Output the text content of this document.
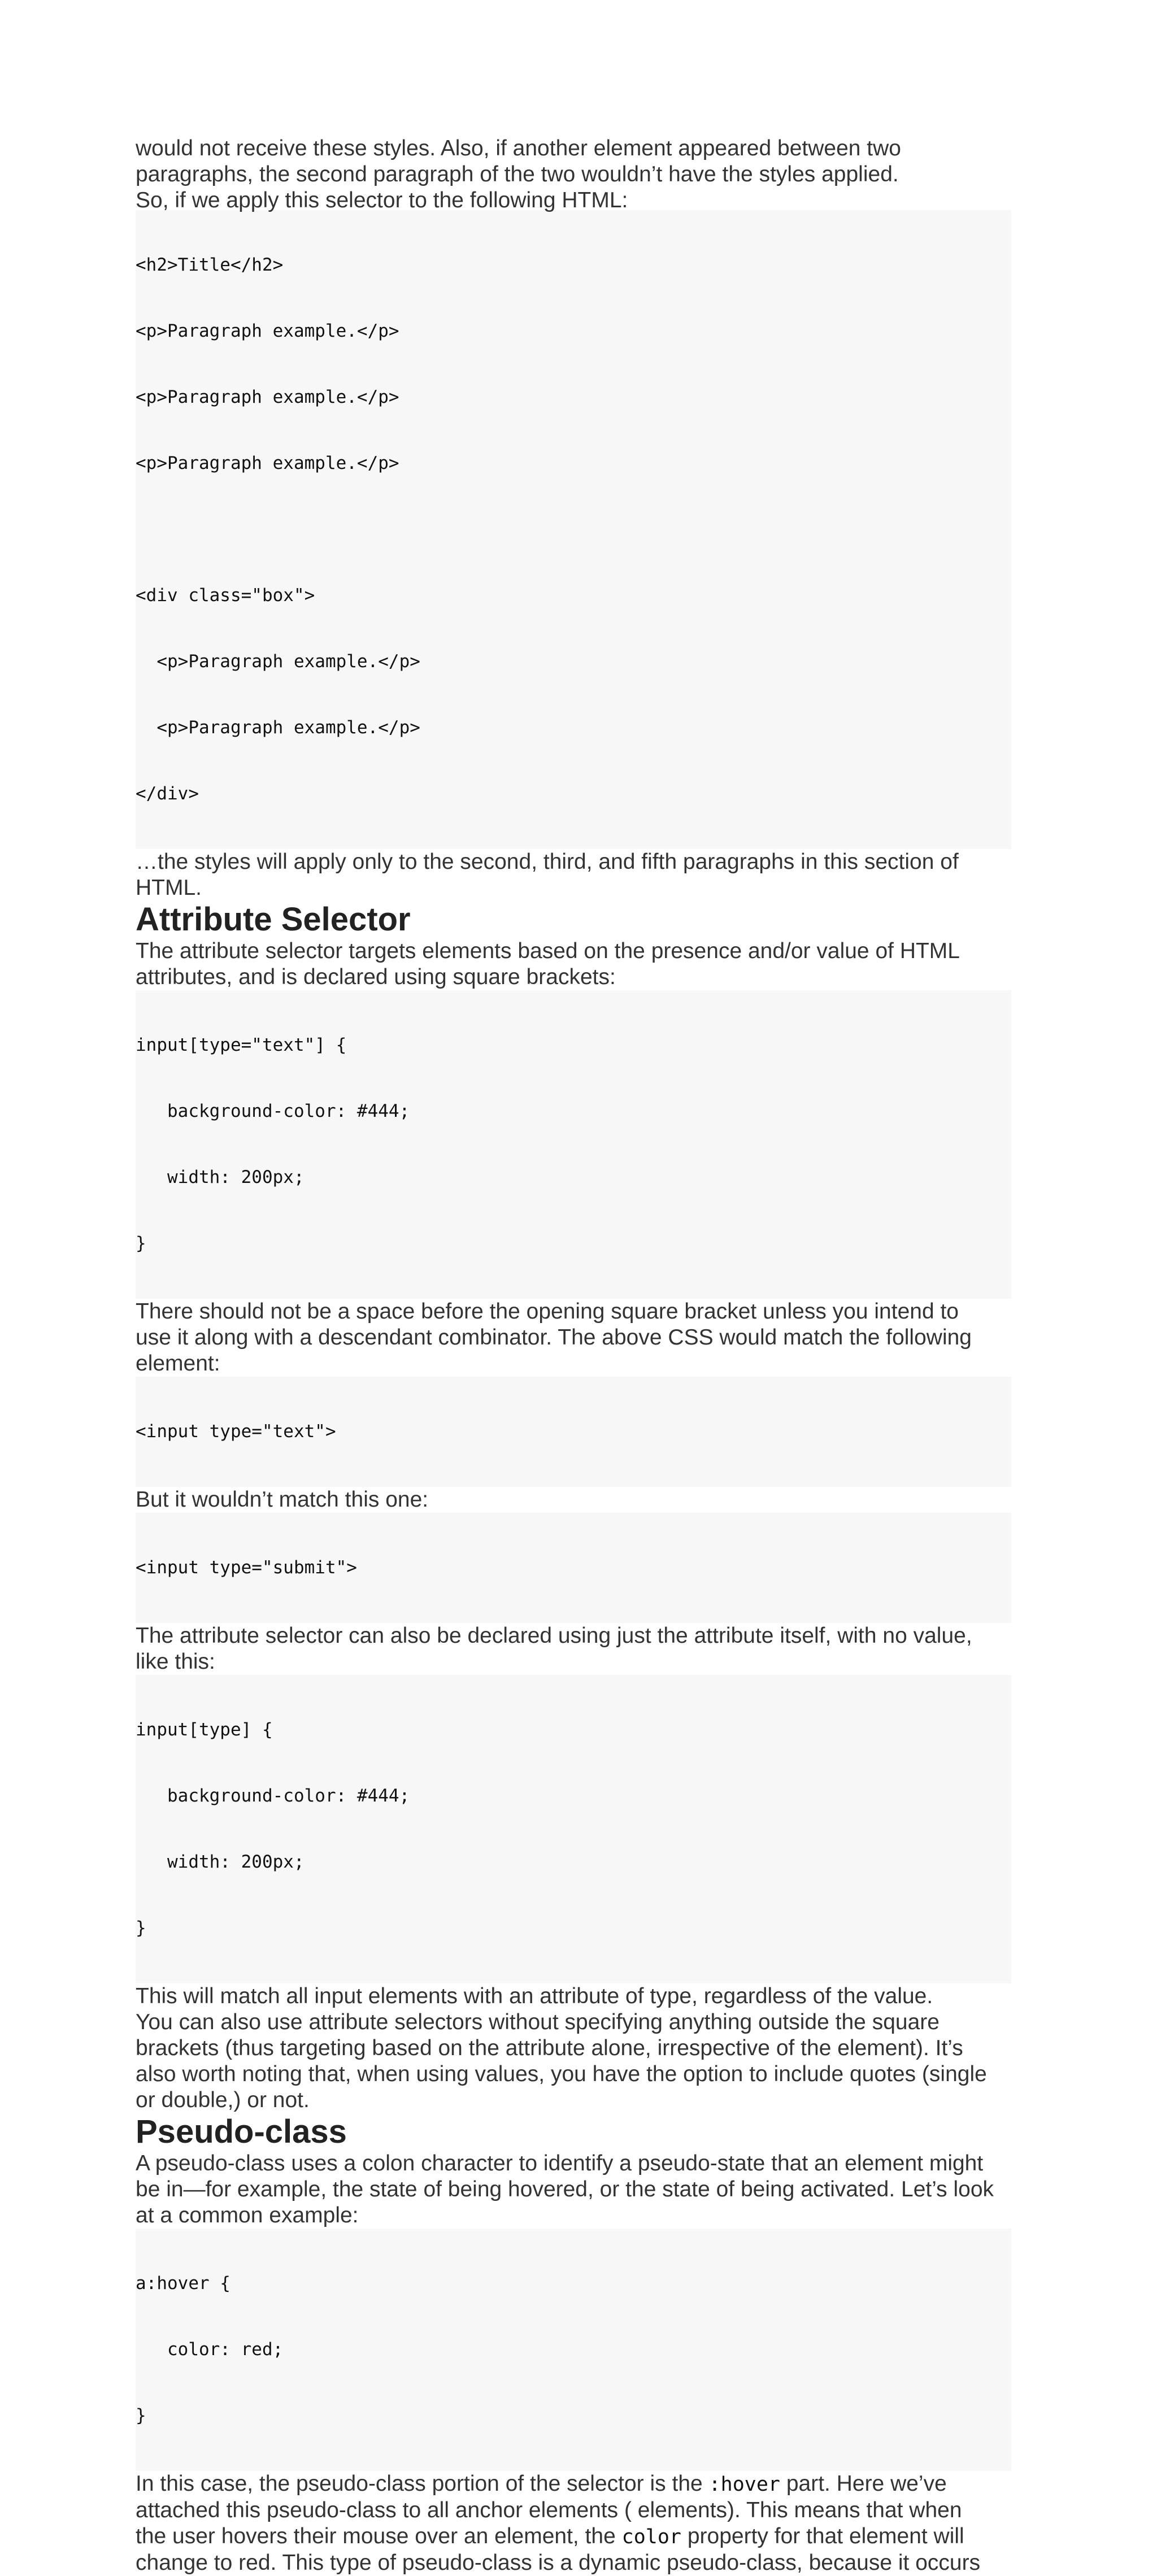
would not receive these styles. Also, if another element appeared between two

paragraphs, the second paragraph of the two wouldn’t have the styles applied.

So, if we apply this selector to the following HTML:

<h2>Title</h2>

<p>Paragraph example.</p>

<p>Paragraph example.</p>

<p>Paragraph example.</p>

<div class="box">

<p>Paragraph example.</p>

<p>Paragraph example.</p>

</div>

…the styles will apply only to the second, third, and fifth paragraphs in this section of

HTML.

Attribute Selector

The attribute selector targets elements based on the presence and/or value of HTML

attributes, and is declared using square brackets:

input[type="text"] {

background-color: #444;

width: 200px;

}

There should not be a space before the opening square bracket unless you intend to

use it along with a descendant combinator. The above CSS would match the following

element:

<input type="text">

But it wouldn’t match this one:

<input type="submit">

The attribute selector can also be declared using just the attribute itself, with no value,

like this:

input[type] {

background-color: #444;

width: 200px;

}

This will match all input elements with an attribute of type, regardless of the value.

You can also use attribute selectors without specifying anything outside the square

brackets (thus targeting based on the attribute alone, irrespective of the element). It’s

also worth noting that, when using values, you have the option to include quotes (single

or double,) or not.

Pseudo-class

A pseudo-class uses a colon character to identify a pseudo-state that an element might

be in—for example, the state of being hovered, or the state of being activated. Let’s look

at a common example:

a:hover {

color: red;

}

In this case, the pseudo-class portion of the selector is the :hover part. Here we’ve

attached this pseudo-class to all anchor elements ( elements). This means that when

the user hovers their mouse over an element, the color property for that element will

change to red. This type of pseudo-class is a dynamic pseudo-class, because it occurs
